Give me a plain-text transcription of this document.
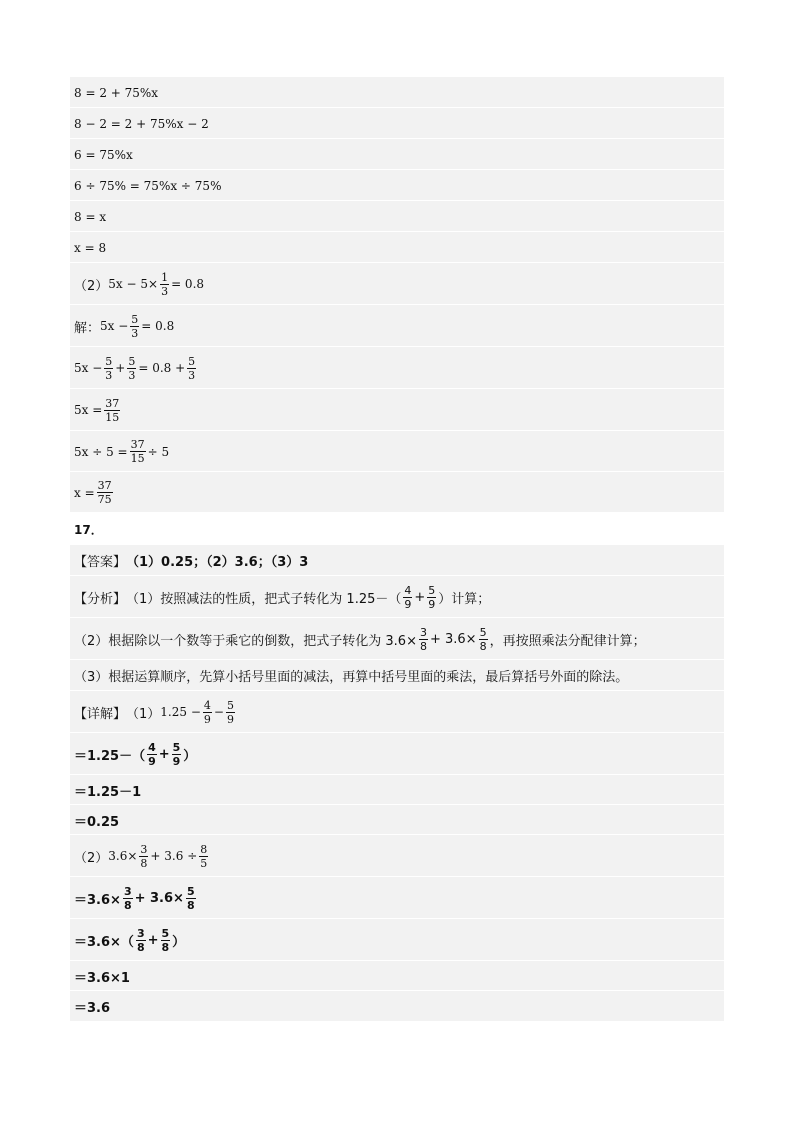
8 = 2 + 75%x
8 − 2 = 2 + 75%x − 2
6 = 75%x
6 ÷ 75% = 75%x ÷ 75%
8 = x
x = 8
（2） $5x - 5\times \frac{1}{3} = 0.8$
解： $5x - \frac{5}{3} = 0.8$
$5x - \frac{5}{3} + \frac{5}{3} = 0.8 + \frac{5}{3}$
$5x = \frac{37}{15}$
$5x \div 5 = \frac{37}{15} \div 5$
$x = \frac{37}{75}$
17．
【答案】 （1）0.25；（2）3.6；（3）3
【分析】 （1）按照减法的性质，把式子转化为 1.25－（
4
$9 + \frac{5}{9}$ ）计算；
（2）根据除以一个数等于乘它的倒数，把式子转化为 $3.6\times \frac{3}{8} + 3.6\times \frac{5}{8}$ ，再按照乘法分配律计算；
（3）根据运算顺序，先算小括号里面的减法，再算中括号里面的乘法，最后算括号外面的除法。
【详解】 （1） $1.25 - \frac{4}{9} - \frac{5}{9}$
＝1.25－（
4
$9 + \frac{5}{9}$ ）
＝1.25－1
＝0.25
（2） $3.6\times \frac{3}{8} + 3.6 \div \frac{8}{5}$
$=3.6\times \frac{3}{8} + 3.6\times \frac{5}{8}$
＝3.6×（
3
$8 + \frac{5}{8}$ ）
＝3.6×1
＝3.6
